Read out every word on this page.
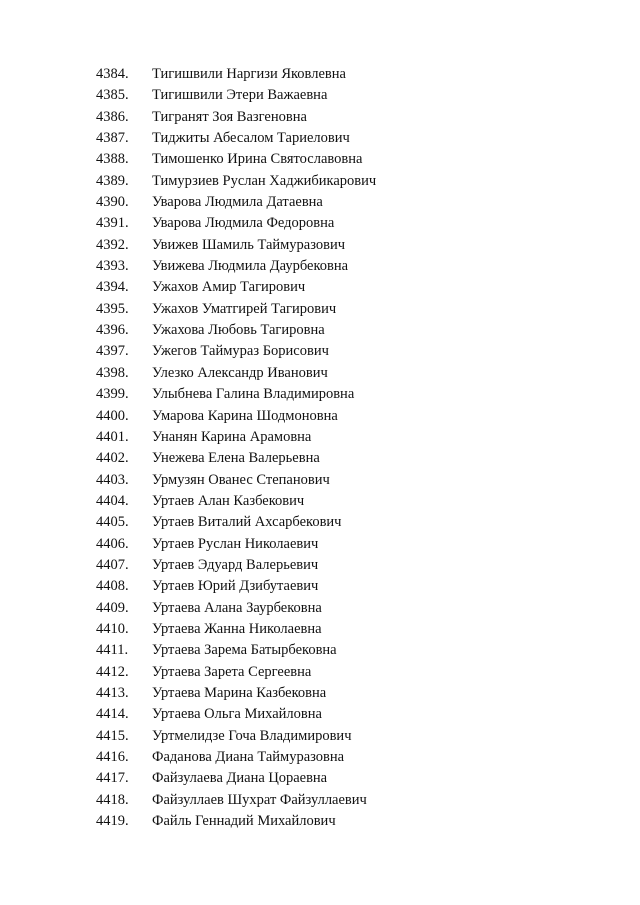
4384.	Тигишвили Наргизи Яковлевна
4385.	Тигишвили Этери Важаевна
4386.	Тигранят Зоя Вазгеновна
4387.	Тиджиты Абесалом Тариелович
4388.	Тимошенко Ирина Святославовна
4389.	Тимурзиев Руслан Хаджибикарович
4390.	Уварова Людмила Датаевна
4391.	Уварова Людмила Федоровна
4392.	Увижев Шамиль Таймуразович
4393.	Увижева Людмила Даурбековна
4394.	Ужахов Амир Тагирович
4395.	Ужахов Уматгирей Тагирович
4396.	Ужахова Любовь Тагировна
4397.	Ужегов Таймураз Борисович
4398.	Улезко Александр Иванович
4399.	Улыбнева Галина Владимировна
4400.	Умарова Карина Шодмоновна
4401.	Унанян Карина Арамовна
4402.	Унежева Елена Валерьевна
4403.	Урмузян Ованес Степанович
4404.	Уртаев Алан Казбекович
4405.	Уртаев Виталий Ахсарбекович
4406.	Уртаев Руслан Николаевич
4407.	Уртаев Эдуард Валерьевич
4408.	Уртаев Юрий Дзибутаевич
4409.	Уртаева Алана Заурбековна
4410.	Уртаева Жанна Николаевна
4411.	Уртаева Зарема Батырбековна
4412.	Уртаева Зарета Сергеевна
4413.	Уртаева Марина Казбековна
4414.	Уртаева Ольга Михайловна
4415.	Уртмелидзе Гоча Владимирович
4416.	Фаданова Диана Таймуразовна
4417.	Файзулаева Диана Цораевна
4418.	Файзуллаев Шухрат Файзуллаевич
4419.	Файль Геннадий Михайлович
